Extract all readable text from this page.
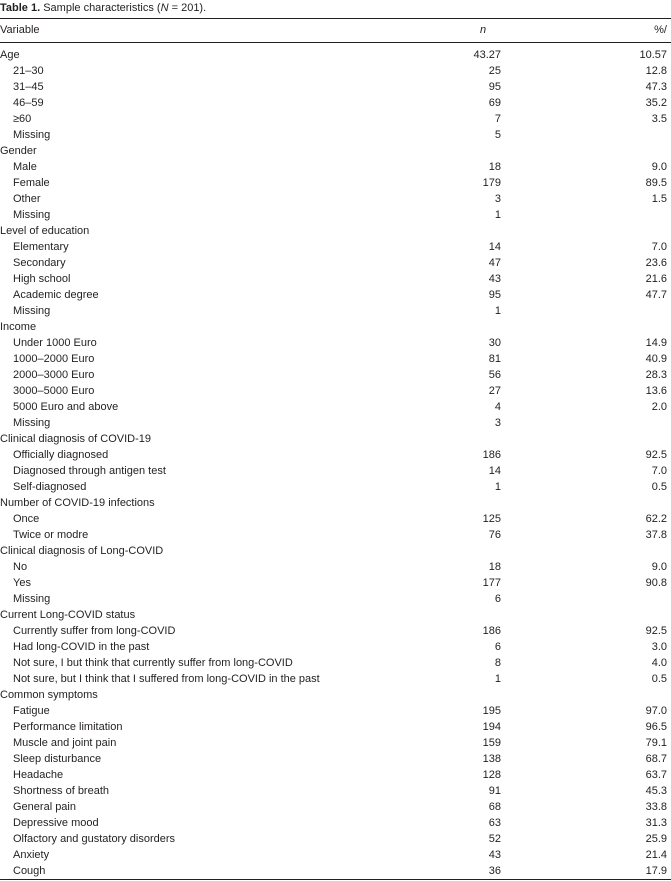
Table 1. Sample characteristics (N = 201).
Variable	n	%/
Age	43.27	10.57
21–30	25	12.8
31–45	95	47.3
46–59	69	35.2
≥60	7	3.5
Missing	5
Gender
Male	18	9.0
Female	179	89.5
Other	3	1.5
Missing	1
Level of education
Elementary	14	7.0
Secondary	47	23.6
High school	43	21.6
Academic degree	95	47.7
Missing	1
Income
Under 1000 Euro	30	14.9
1000–2000 Euro	81	40.9
2000–3000 Euro	56	28.3
3000–5000 Euro	27	13.6
5000 Euro and above	4	2.0
Missing	3
Clinical diagnosis of COVID-19
Officially diagnosed	186	92.5
Diagnosed through antigen test	14	7.0
Self-diagnosed	1	0.5
Number of COVID-19 infections
Once	125	62.2
Twice or modre	76	37.8
Clinical diagnosis of Long-COVID
No	18	9.0
Yes	177	90.8
Missing	6
Current Long-COVID status
Currently suffer from long-COVID	186	92.5
Had long-COVID in the past	6	3.0
Not sure, I but think that currently suffer from long-COVID	8	4.0
Not sure, but I think that I suffered from long-COVID in the past	1	0.5
Common symptoms
Fatigue	195	97.0
Performance limitation	194	96.5
Muscle and joint pain	159	79.1
Sleep disturbance	138	68.7
Headache	128	63.7
Shortness of breath	91	45.3
General pain	68	33.8
Depressive mood	63	31.3
Olfactory and gustatory disorders	52	25.9
Anxiety	43	21.4
Cough	36	17.9
